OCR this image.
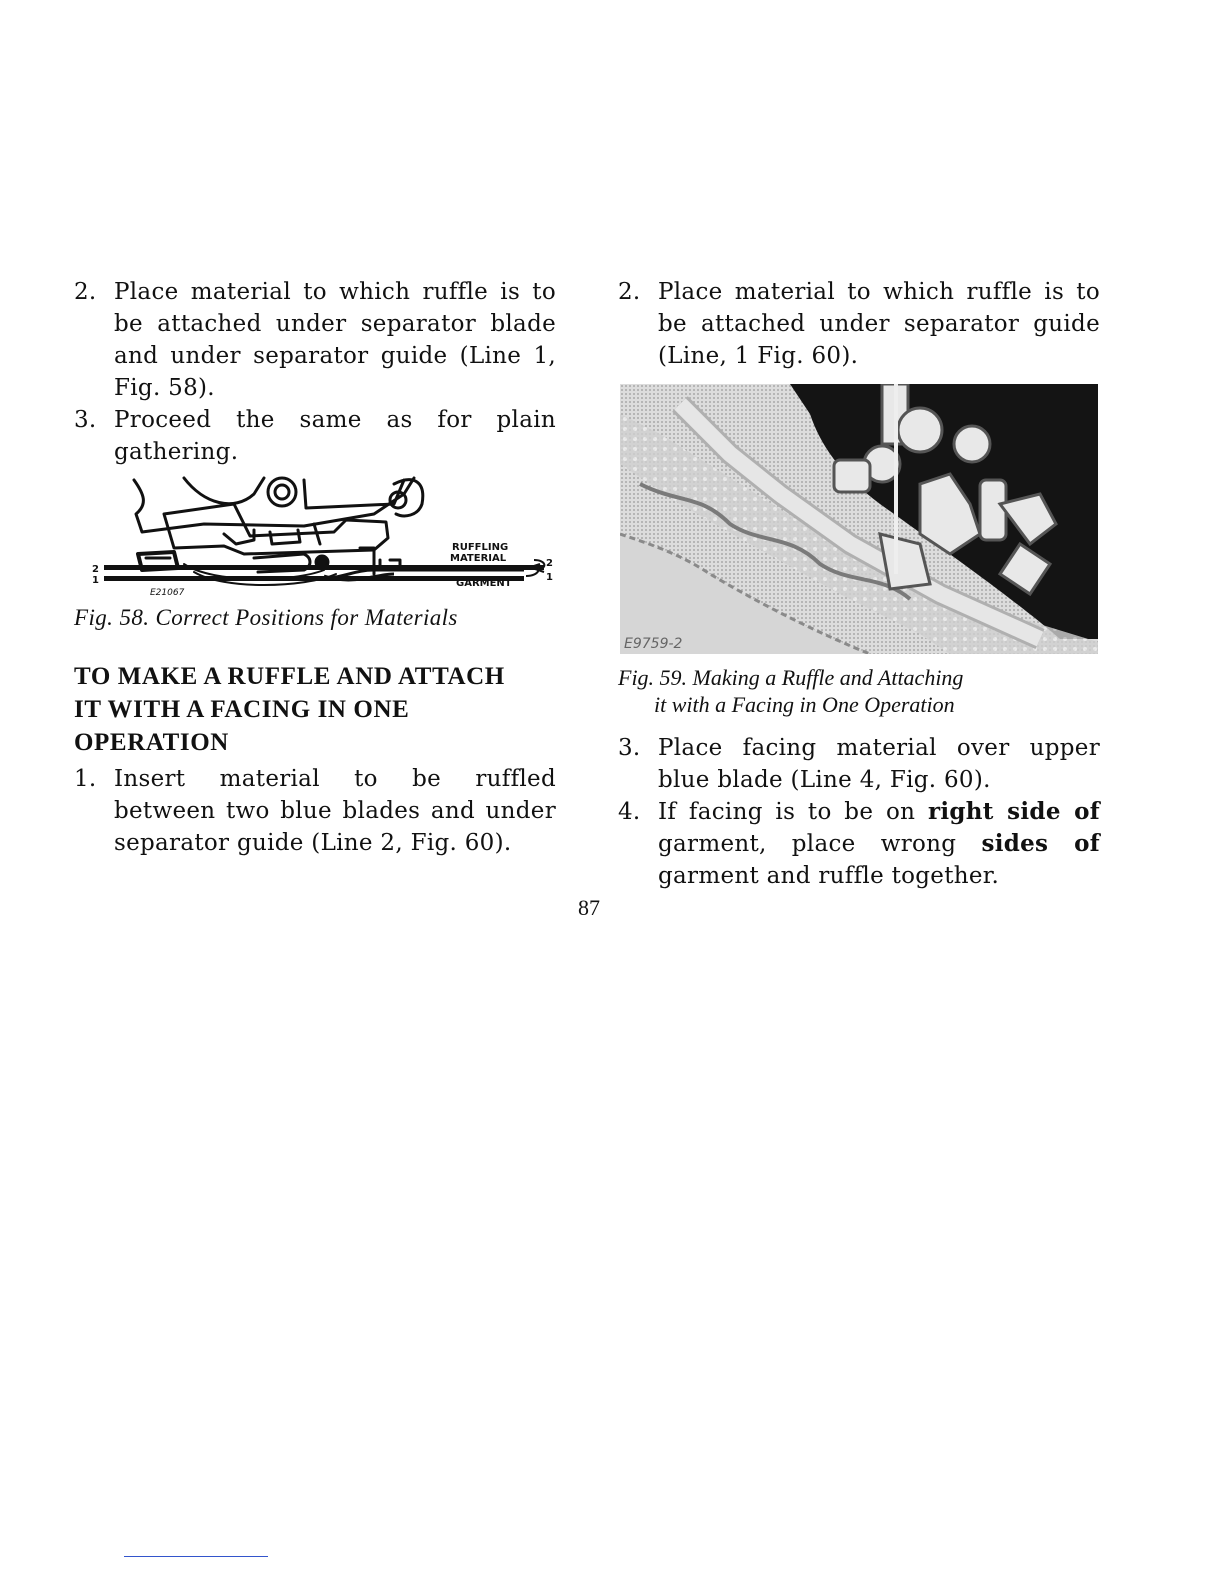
2. Place material to which ruffle is to be attached under separator blade and under separator guide (Line 1, Fig. 58).
3. Proceed the same as for plain gathering.
RUFFLING
MATERIAL
GARMENT
2
1
2
1
E21067
Fig. 58. Correct Positions for Materials
TO MAKE A RUFFLE AND ATTACH
IT WITH A FACING IN ONE
OPERATION
1. Insert material to be ruffled between two blue blades and under separator guide (Line 2, Fig. 60).
2. Place material to which ruffle is to be attached under separator guide (Line, 1 Fig. 60).
E9759-2
Fig. 59. Making a Ruffle and Attaching
it with a Facing in One Operation
3. Place facing material over upper blue blade (Line 4, Fig. 60).
4. If facing is to be on right side of garment, place wrong sides of garment and ruffle together.
87
